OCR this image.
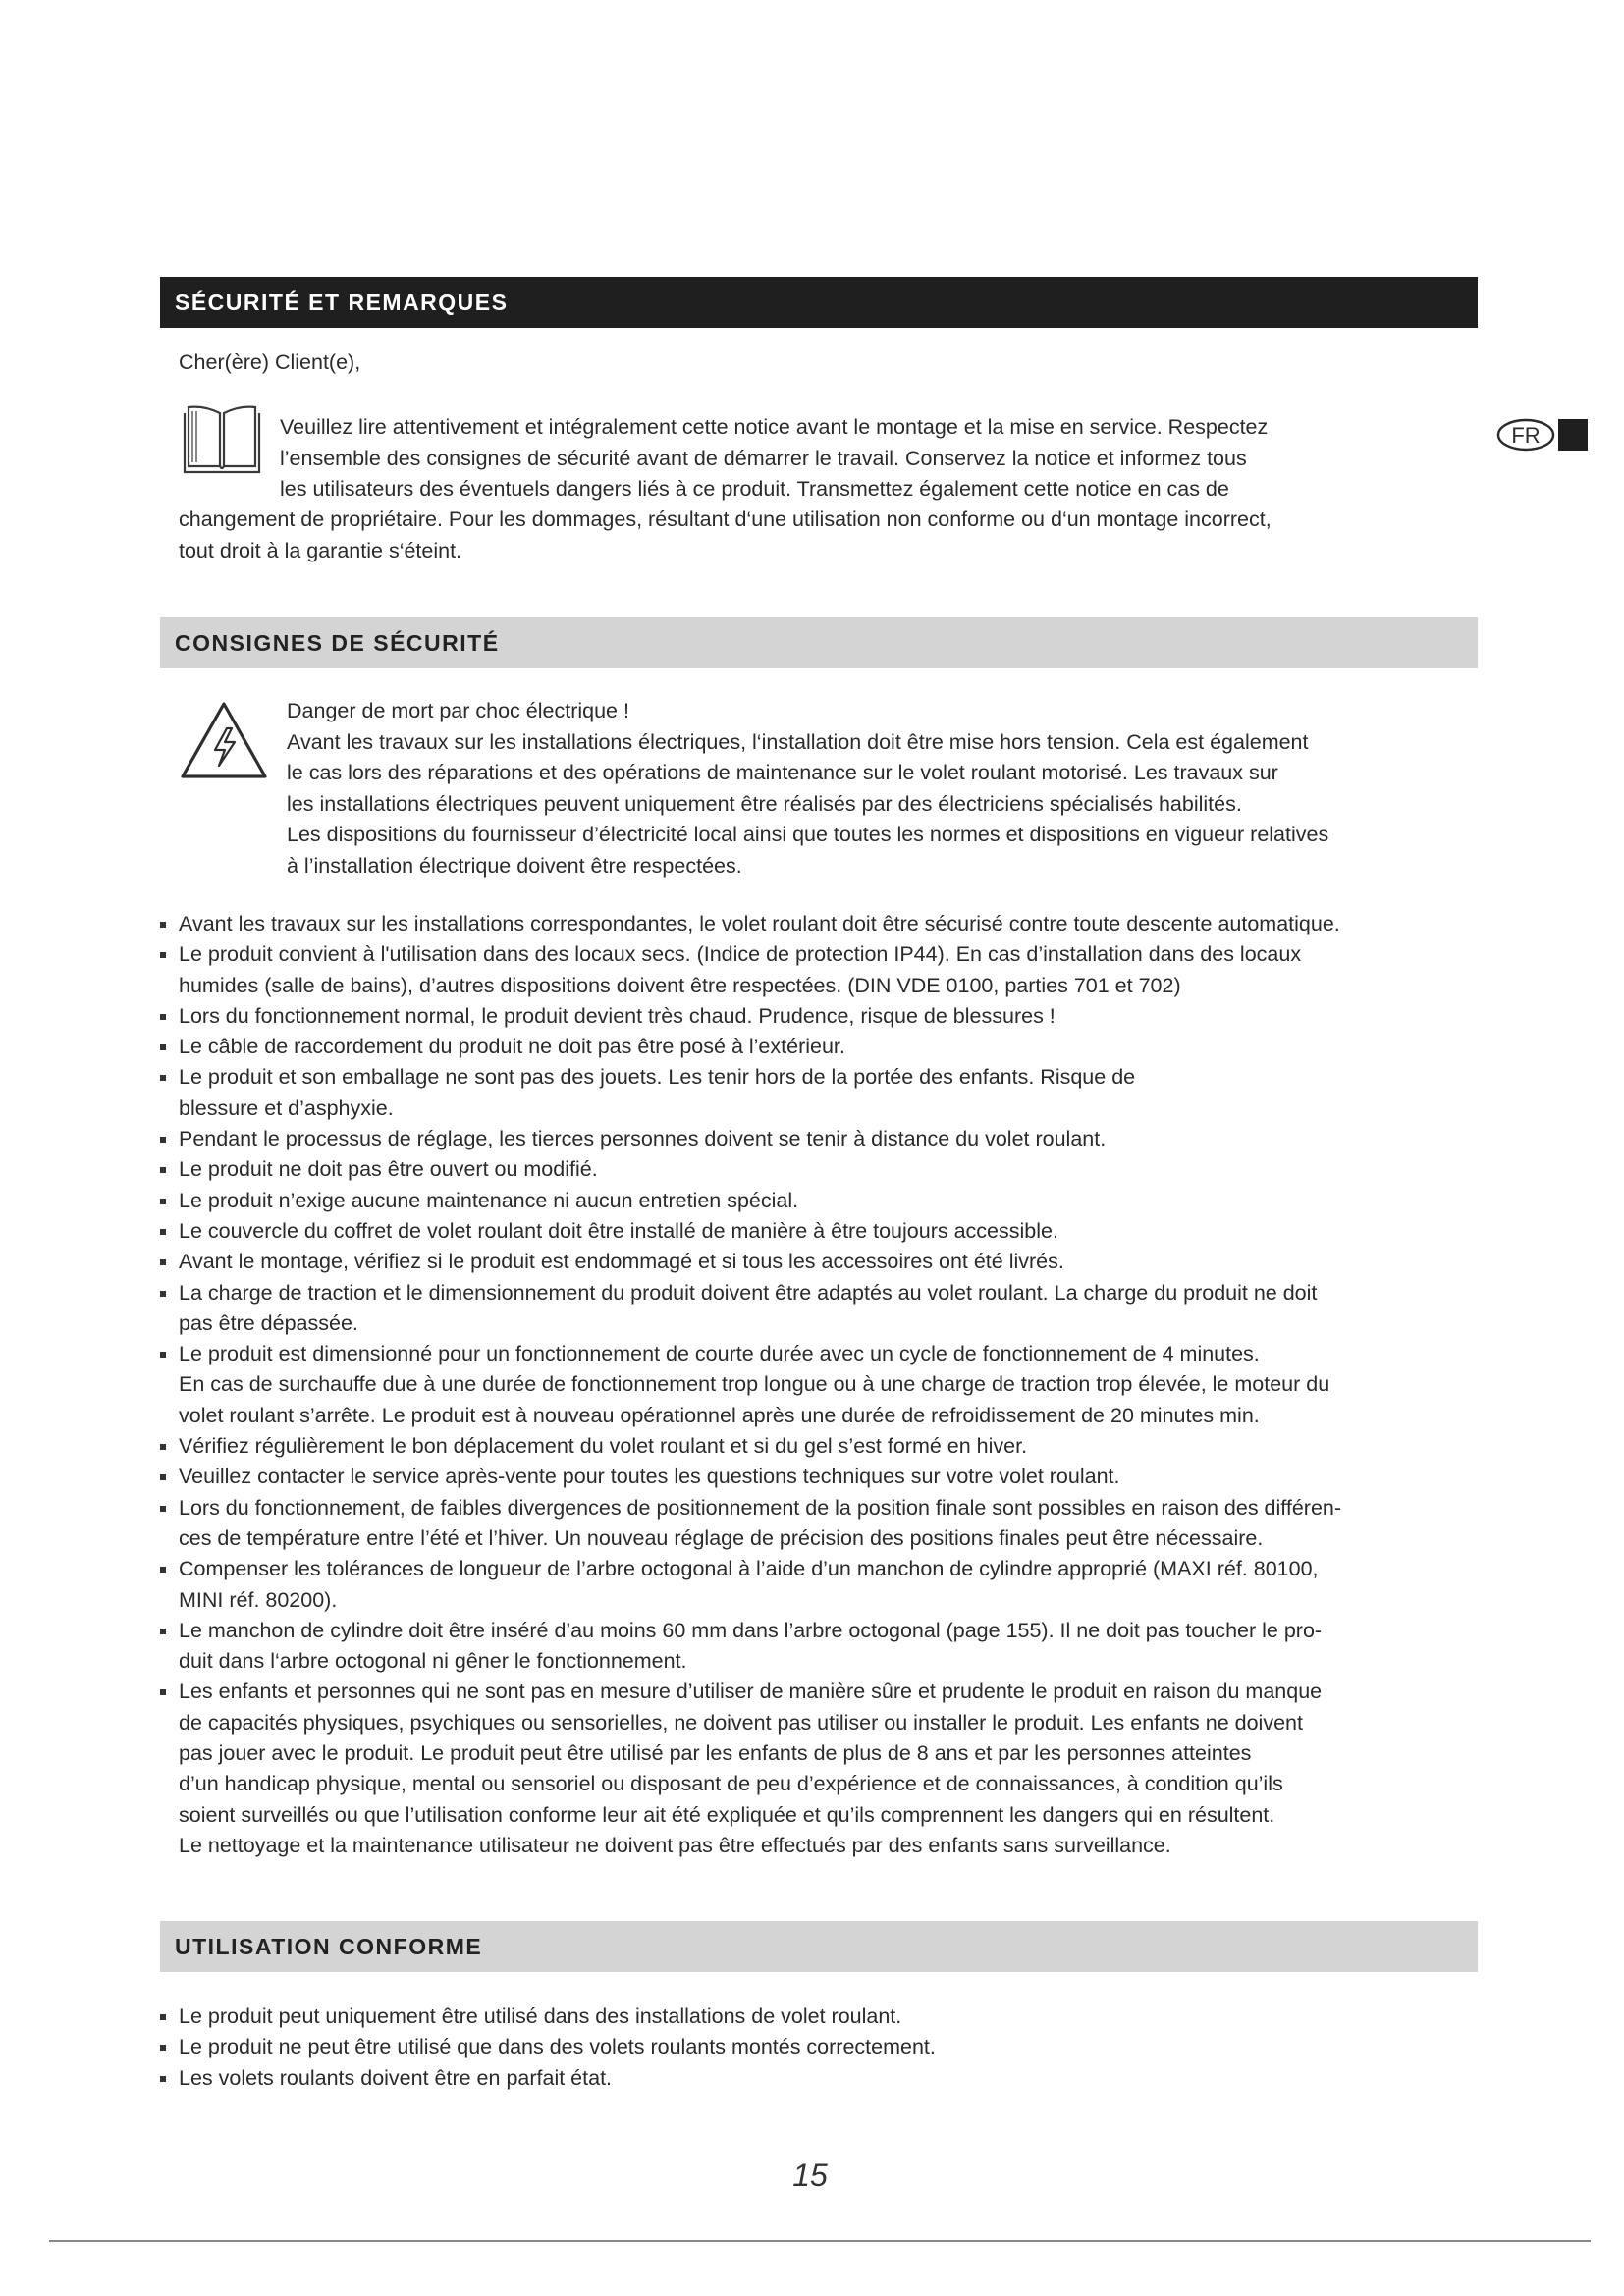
SÉCURITÉ ET REMARQUES

Cher(ère) Client(e),

Veuillez lire attentivement et intégralement cette notice avant le montage et la mise en service. Respectez
l’ensemble des consignes de sécurité avant de démarrer le travail. Conservez la notice et informez tous
les utilisateurs des éventuels dangers liés à ce produit. Transmettez également cette notice en cas de
changement de propriétaire. Pour les dommages, résultant d‘une utilisation non conforme ou d‘un montage incorrect,
tout droit à la garantie s‘éteint.
FR
CONSIGNES DE SÉCURITÉ
Danger de mort par choc électrique !
Avant les travaux sur les installations électriques, l‘installation doit être mise hors tension. Cela est également
le cas lors des réparations et des opérations de maintenance sur le volet roulant motorisé. Les travaux sur
les installations électriques peuvent uniquement être réalisés par des électriciens spécialisés habilités.
Les dispositions du fournisseur d’électricité local ainsi que toutes les normes et dispositions en vigueur relatives
à l’installation électrique doivent être respectées.
Avant les travaux sur les installations correspondantes, le volet roulant doit être sécurisé contre toute descente automatique.
Le produit convient à l'utilisation dans des locaux secs. (Indice de protection IP44). En cas d’installation dans des locaux
humides (salle de bains), d’autres dispositions doivent être respectées. (DIN VDE 0100, parties 701 et 702)
Lors du fonctionnement normal, le produit devient très chaud. Prudence, risque de blessures !
Le câble de raccordement du produit ne doit pas être posé à l’extérieur.
Le produit et son emballage ne sont pas des jouets. Les tenir hors de la portée des enfants. Risque de
blessure et d’asphyxie.
Pendant le processus de réglage, les tierces personnes doivent se tenir à distance du volet roulant.
Le produit ne doit pas être ouvert ou modifié.
Le produit n’exige aucune maintenance ni aucun entretien spécial.
Le couvercle du coffret de volet roulant doit être installé de manière à être toujours accessible.
Avant le montage, vérifiez si le produit est endommagé et si tous les accessoires ont été livrés.
La charge de traction et le dimensionnement du produit doivent être adaptés au volet roulant. La charge du produit ne doit
pas être dépassée.
Le produit est dimensionné pour un fonctionnement de courte durée avec un cycle de fonctionnement de 4 minutes.
En cas de surchauffe due à une durée de fonctionnement trop longue ou à une charge de traction trop élevée, le moteur du
volet roulant s’arrête. Le produit est à nouveau opérationnel après une durée de refroidissement de 20 minutes min.
Vérifiez régulièrement le bon déplacement du volet roulant et si du gel s’est formé en hiver.
Veuillez contacter le service après-vente pour toutes les questions techniques sur votre volet roulant.
Lors du fonctionnement, de faibles divergences de positionnement de la position finale sont possibles en raison des différen-
ces de température entre l’été et l’hiver. Un nouveau réglage de précision des positions finales peut être nécessaire.
Compenser les tolérances de longueur de l’arbre octogonal à l’aide d’un manchon de cylindre approprié (MAXI réf. 80100,
MINI réf. 80200).
Le manchon de cylindre doit être inséré d’au moins 60 mm dans l’arbre octogonal (page 155). Il ne doit pas toucher le pro-
duit dans l‘arbre octogonal ni gêner le fonctionnement.
Les enfants et personnes qui ne sont pas en mesure d’utiliser de manière sûre et prudente le produit en raison du manque
de capacités physiques, psychiques ou sensorielles, ne doivent pas utiliser ou installer le produit. Les enfants ne doivent
pas jouer avec le produit. Le produit peut être utilisé par les enfants de plus de 8 ans et par les personnes atteintes
d’un handicap physique, mental ou sensoriel ou disposant de peu d’expérience et de connaissances, à condition qu’ils
soient surveillés ou que l’utilisation conforme leur ait été expliquée et qu’ils comprennent les dangers qui en résultent.
Le nettoyage et la maintenance utilisateur ne doivent pas être effectués par des enfants sans surveillance.
UTILISATION CONFORME
Le produit peut uniquement être utilisé dans des installations de volet roulant.
Le produit ne peut être utilisé que dans des volets roulants montés correctement.
Les volets roulants doivent être en parfait état.
15
